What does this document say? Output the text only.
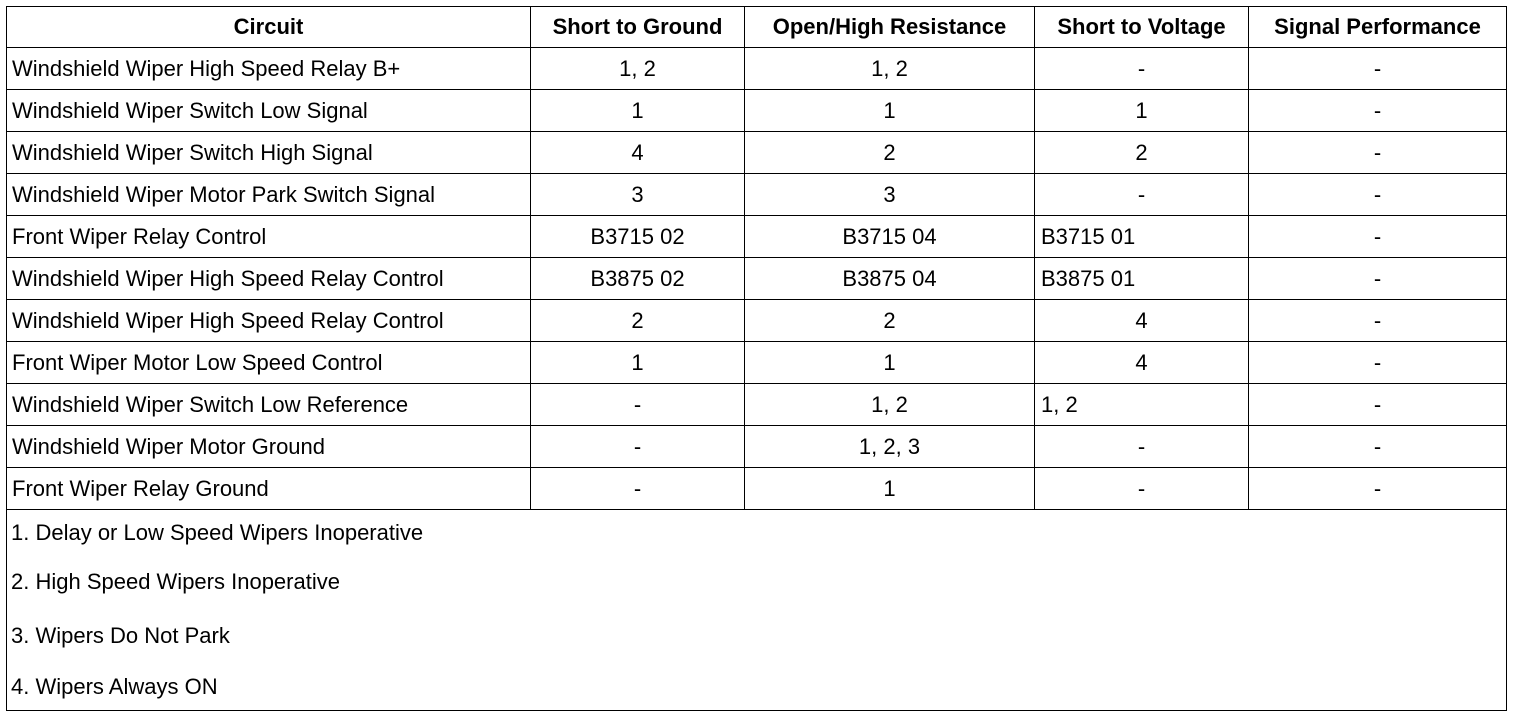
Circuit	Short to Ground	Open/High Resistance	Short to Voltage	Signal Performance
Windshield Wiper High Speed Relay B+	1, 2	1, 2	-	-
Windshield Wiper Switch Low Signal	1	1	1	-
Windshield Wiper Switch High Signal	4	2	2	-
Windshield Wiper Motor Park Switch Signal	3	3	-	-
Front Wiper Relay Control	B3715 02	B3715 04	B3715 01	-
Windshield Wiper High Speed Relay Control	B3875 02	B3875 04	B3875 01	-
Windshield Wiper High Speed Relay Control	2	2	4	-
Front Wiper Motor Low Speed Control	1	1	4	-
Windshield Wiper Switch Low Reference	-	1, 2	1, 2	-
Windshield Wiper Motor Ground	-	1, 2, 3	-	-
Front Wiper Relay Ground	-	1	-	-
1. Delay or Low Speed Wipers Inoperative				
2. High Speed Wipers Inoperative				
3. Wipers Do Not Park				
4. Wipers Always ON				
